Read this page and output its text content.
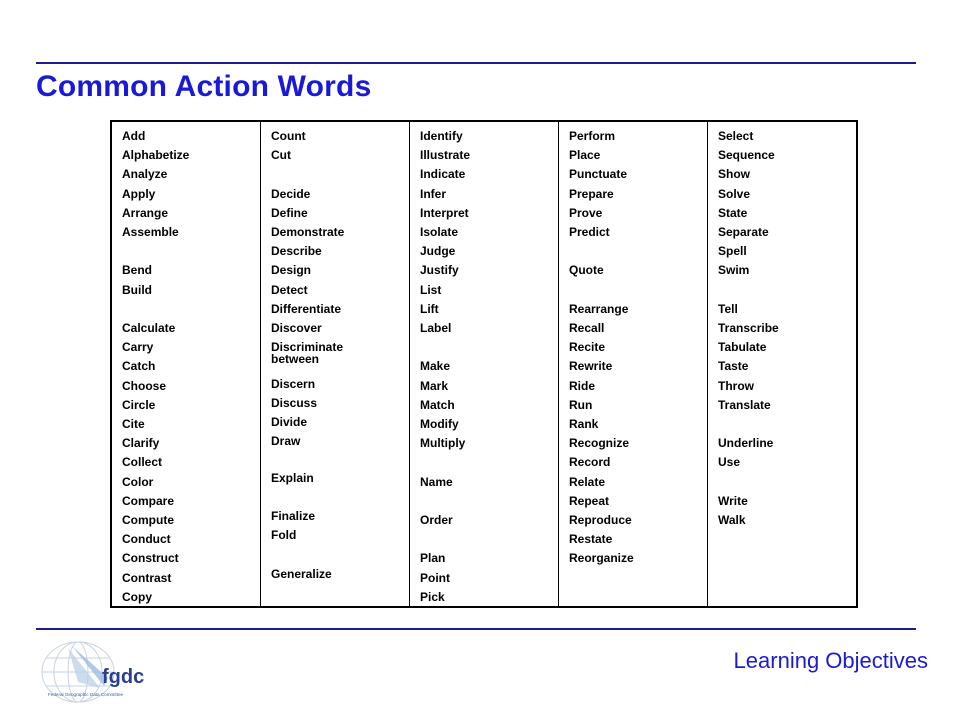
Common Action Words
Add
Alphabetize
Analyze
Apply
Arrange
Assemble
Bend
Build
Calculate
Carry
Catch
Choose
Circle
Cite
Clarify
Collect
Color
Compare
Compute
Conduct
Construct
Contrast
Copy
Count
Cut
Decide
Define
Demonstrate
Describe
Design
Detect
Differentiate
Discover
Discriminate between
Discern
Discuss
Divide
Draw
Explain
Finalize
Fold
Generalize
Identify
Illustrate
Indicate
Infer
Interpret
Isolate
Judge
Justify
List
Lift
Label
Make
Mark
Match
Modify
Multiply
Name
Order
Plan
Point
Pick
Perform
Place
Punctuate
Prepare
Prove
Predict
Quote
Rearrange
Recall
Recite
Rewrite
Ride
Run
Rank
Recognize
Record
Relate
Repeat
Reproduce
Restate
Reorganize
Select
Sequence
Show
Solve
State
Separate
Spell
Swim
Tell
Transcribe
Tabulate
Taste
Throw
Translate
Underline
Use
Write
Walk
fgdc
Federal Geographic Data Committee
Learning Objectives
